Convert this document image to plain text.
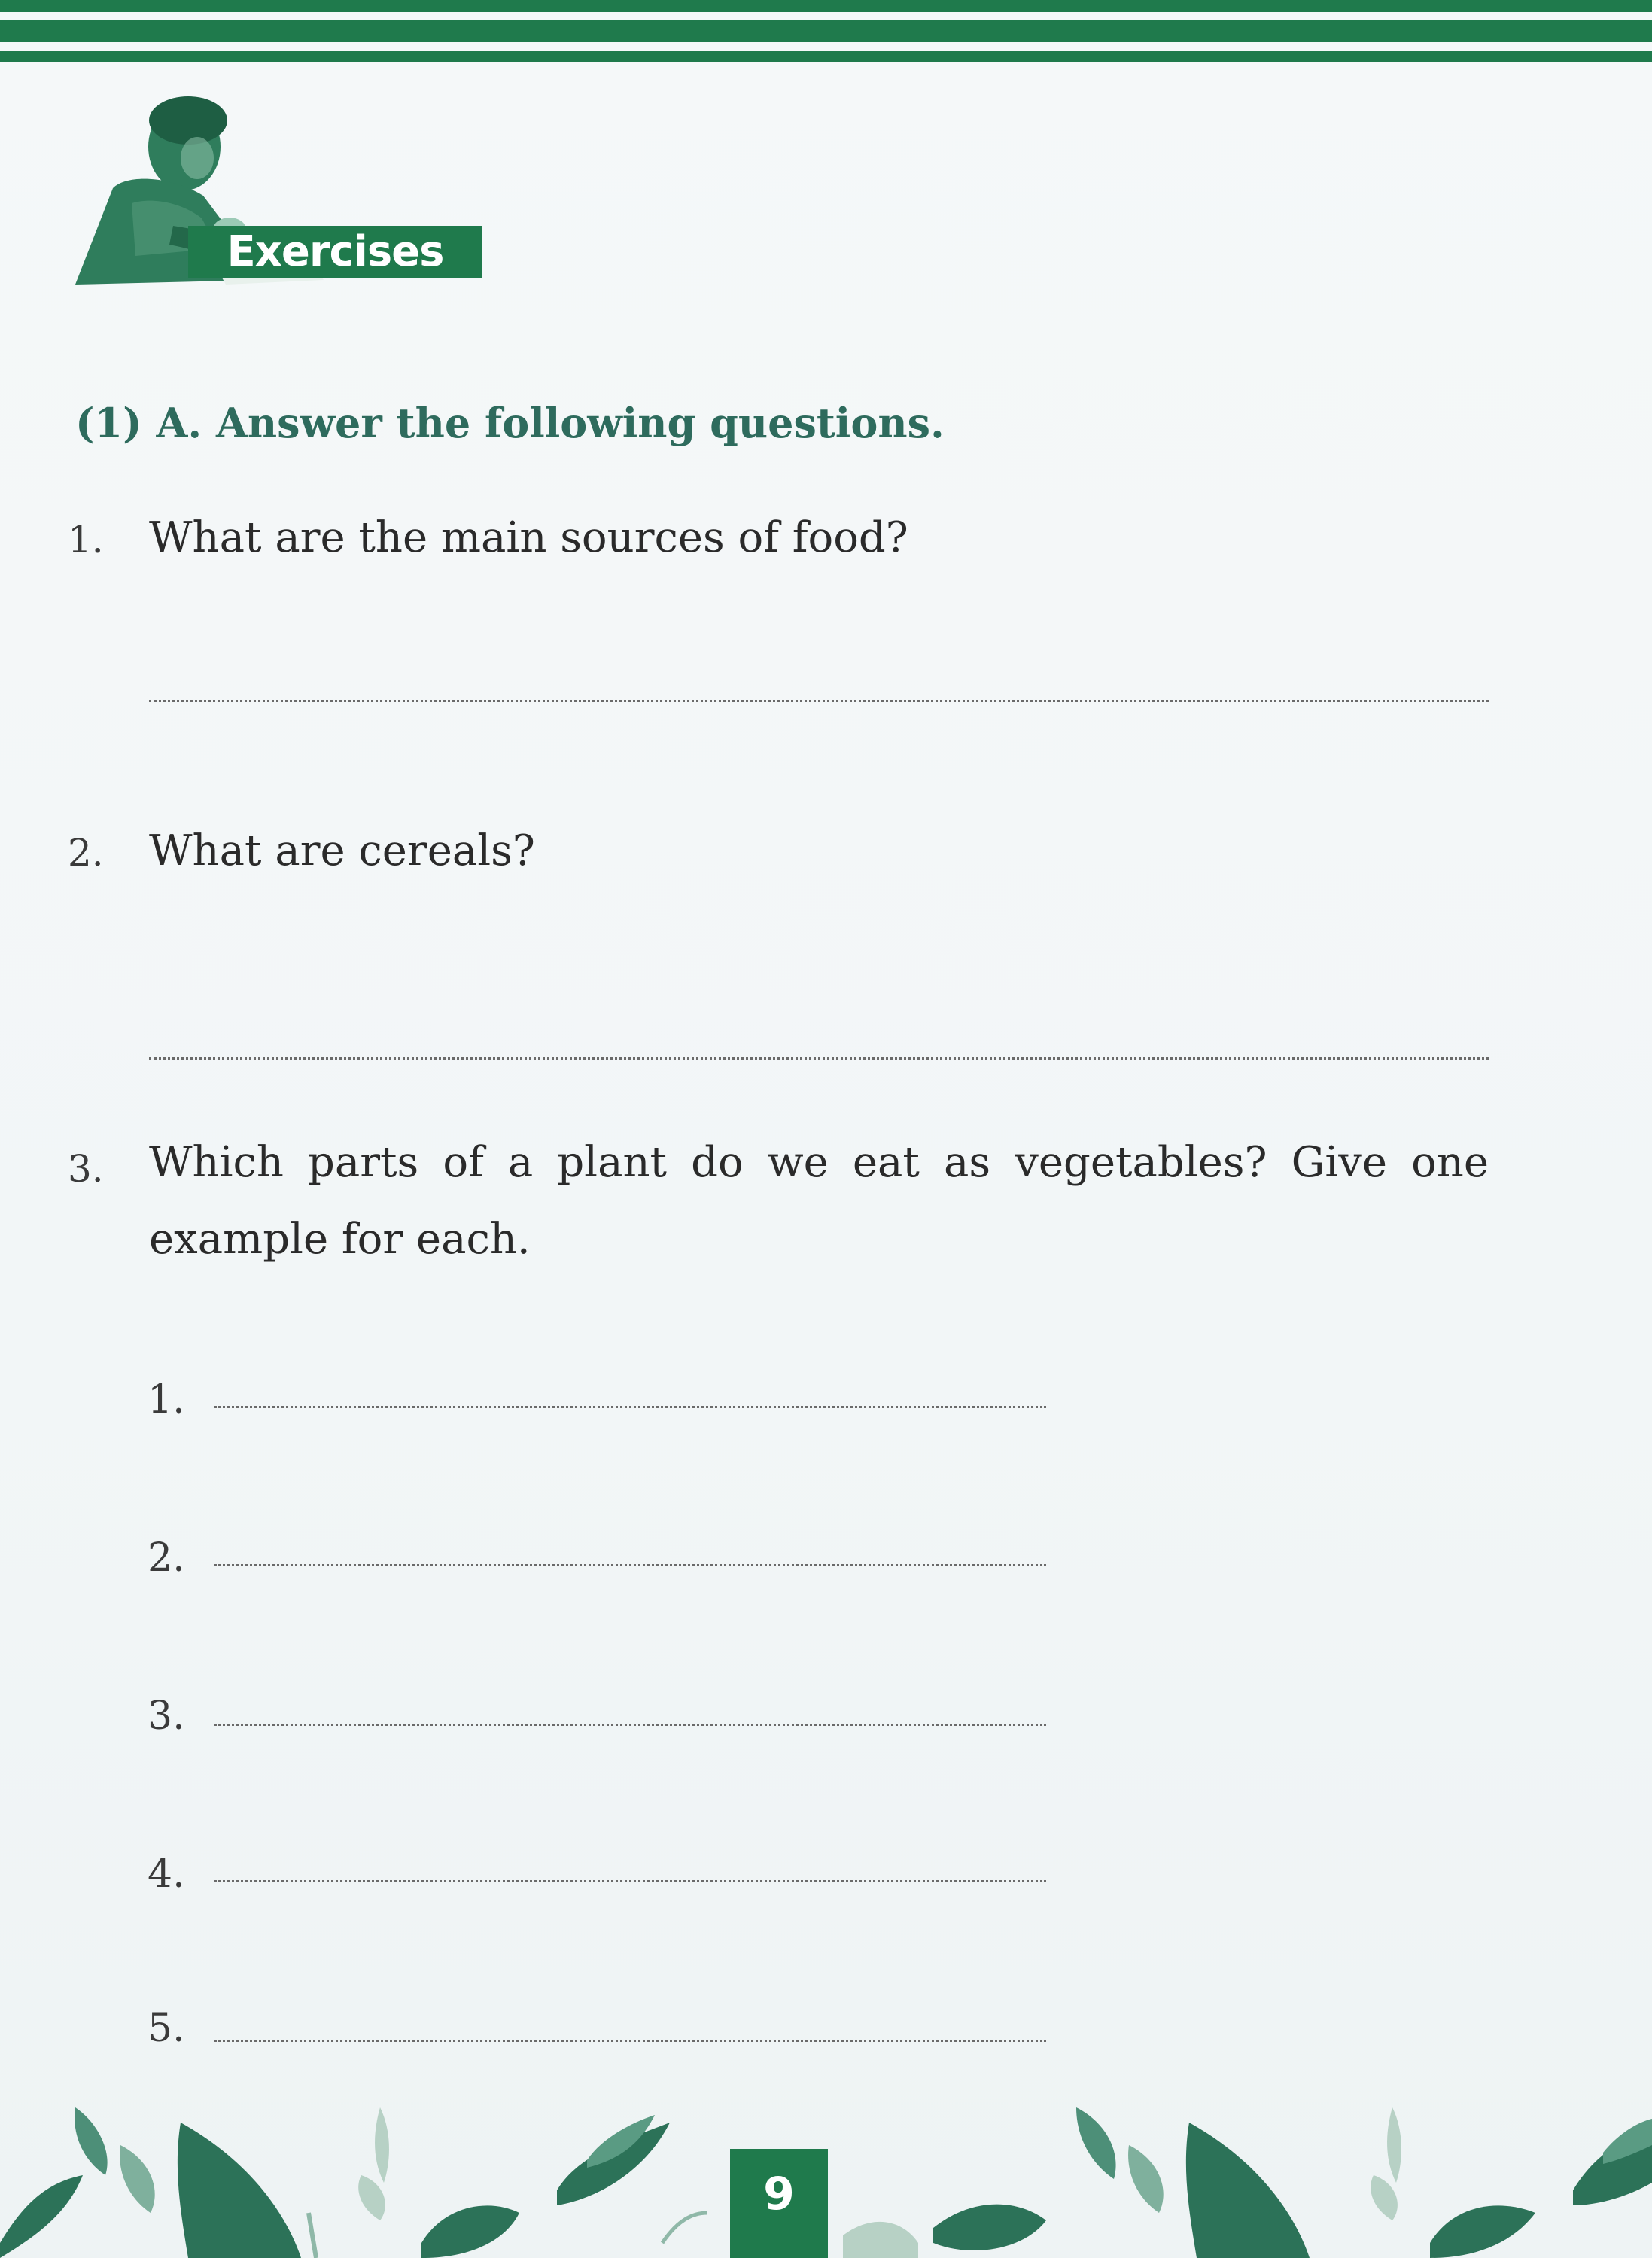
Exercises
(1) A. Answer the following questions.
1. What are the main sources of food?
2. What are cereals?
3. Which parts of a plant do we eat as vegetables? Give one
example for each.
1.
2.
3.
4.
5.
9
